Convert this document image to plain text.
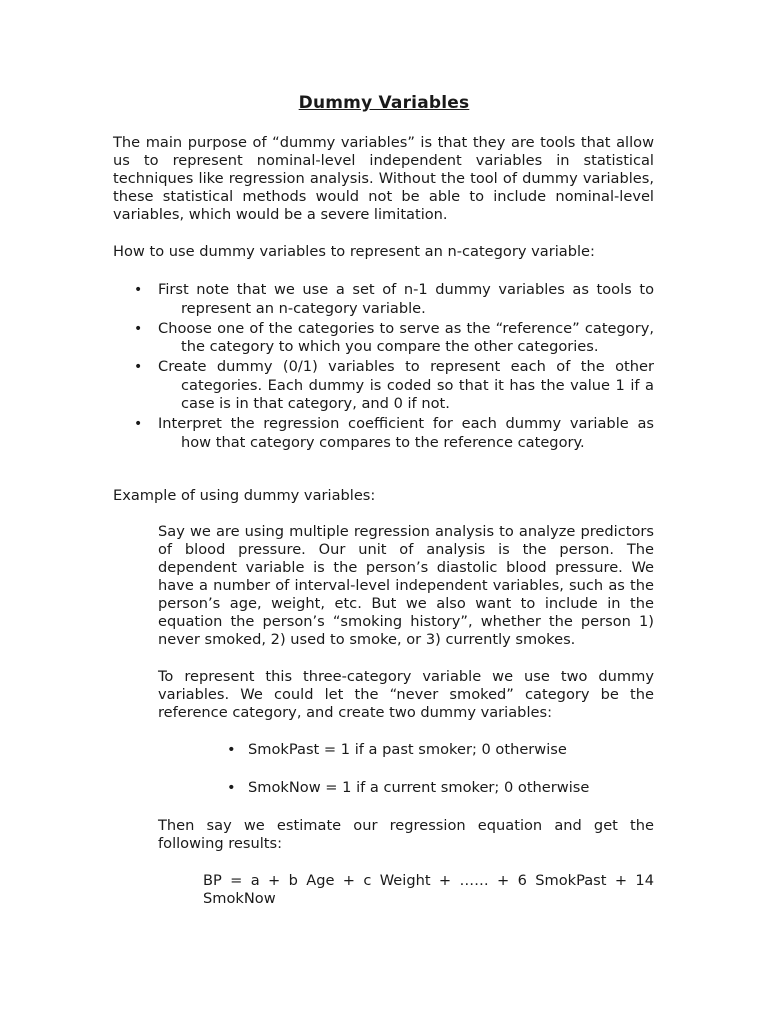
Dummy Variables

The main purpose of “dummy variables” is that they are tools that allow us to represent nominal-level independent variables in statistical techniques like regression analysis. Without the tool of dummy variables, these statistical methods would not be able to include nominal-level variables, which would be a severe limitation.

How to use dummy variables to represent an n-category variable:

• First note that we use a set of n-1 dummy variables as tools to represent an n-category variable.
• Choose one of the categories to serve as the “reference” category, the category to which you compare the other categories.
• Create dummy (0/1) variables to represent each of the other categories. Each dummy is coded so that it has the value 1 if a case is in that category, and 0 if not.
• Interpret the regression coefficient for each dummy variable as how that category compares to the reference category.

Example of using dummy variables:

Say we are using multiple regression analysis to analyze predictors of blood pressure. Our unit of analysis is the person. The dependent variable is the person’s diastolic blood pressure. We have a number of interval-level independent variables, such as the person’s age, weight, etc. But we also want to include in the equation the person’s “smoking history”, whether the person 1) never smoked, 2) used to smoke, or 3) currently smokes.

To represent this three-category variable we use two dummy variables. We could let the “never smoked” category be the reference category, and create two dummy variables:

• SmokPast = 1 if a past smoker; 0 otherwise
• SmokNow = 1 if a current smoker; 0 otherwise

Then say we estimate our regression equation and get the following results:

BP = a + b Age + c Weight + …… + 6 SmokPast + 14 SmokNow
